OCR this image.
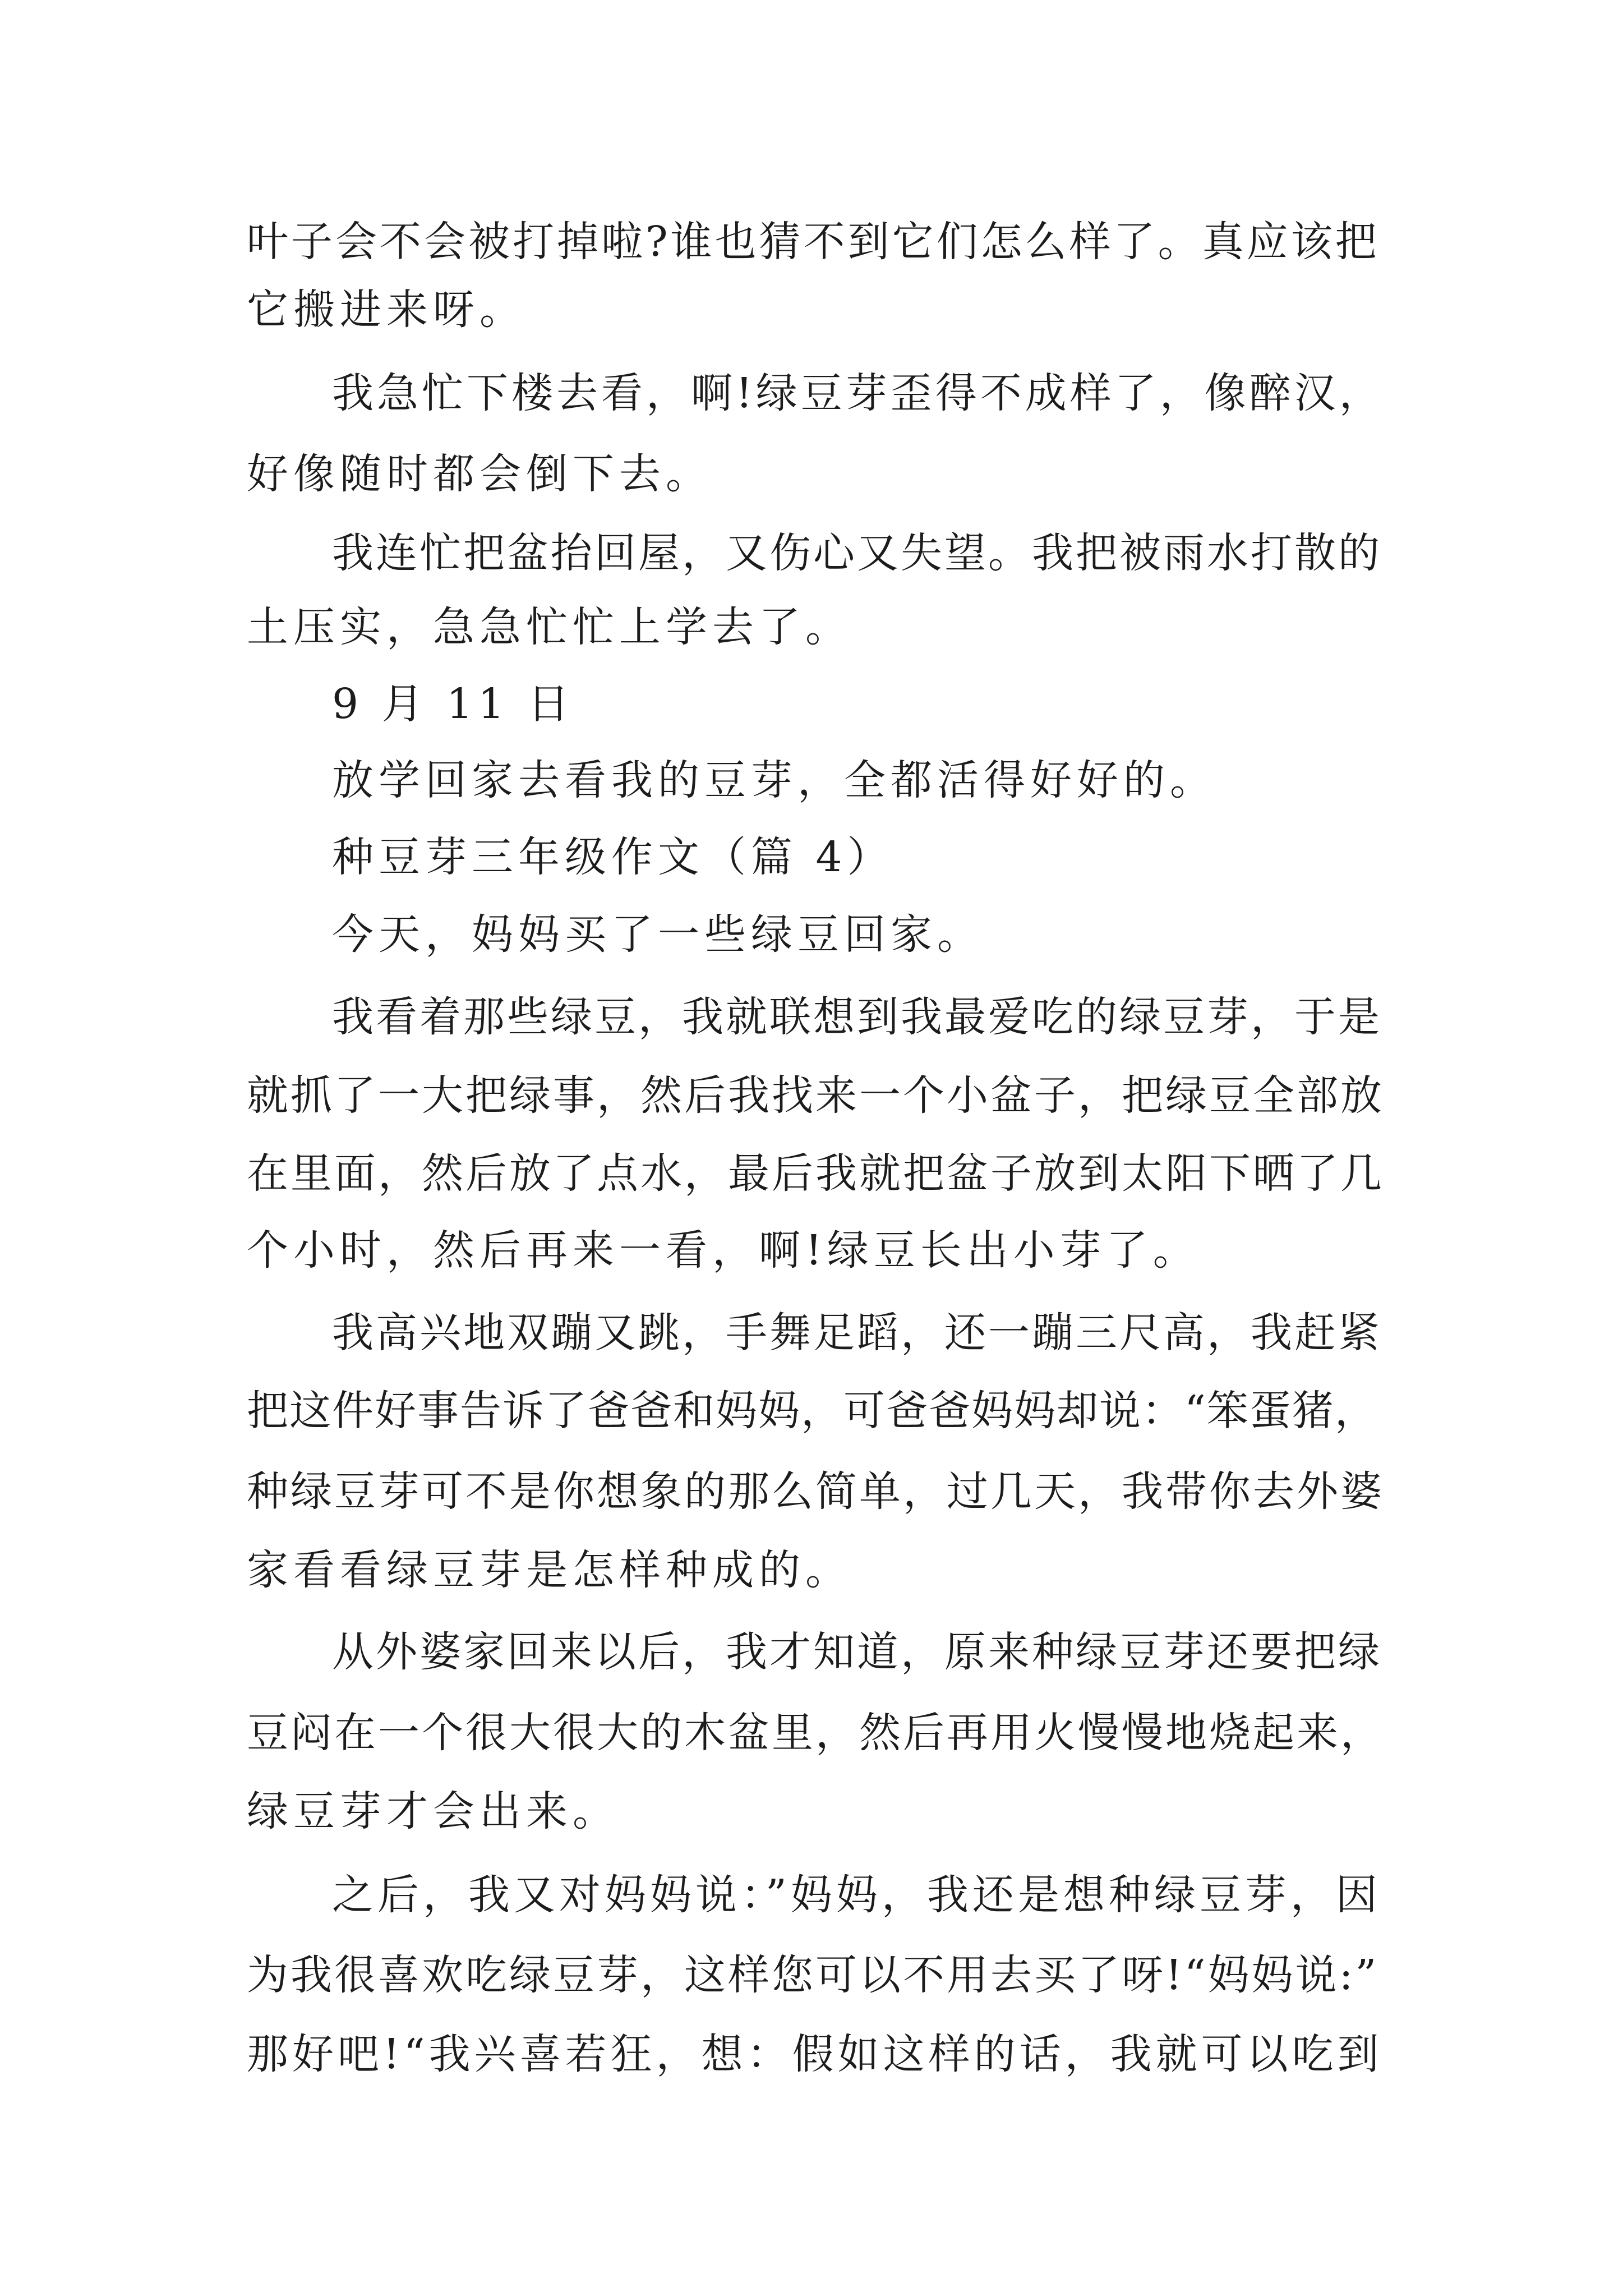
叶子会不会被打掉啦?谁也猜不到它们怎么样了。真应该把

它搬进来呀。

我急忙下楼去看，啊!绿豆芽歪得不成样了，像醉汉，

好像随时都会倒下去。

我连忙把盆抬回屋，又伤心又失望。我把被雨水打散的

土压实，急急忙忙上学去了。

9 月 11 日

放学回家去看我的豆芽，全都活得好好的。

种豆芽三年级作文（篇 4）

今天，妈妈买了一些绿豆回家。

我看着那些绿豆，我就联想到我最爱吃的绿豆芽，于是

就抓了一大把绿事，然后我找来一个小盆子，把绿豆全部放

在里面，然后放了点水，最后我就把盆子放到太阳下晒了几

个小时，然后再来一看，啊!绿豆长出小芽了。

我高兴地双蹦又跳，手舞足蹈，还一蹦三尺高，我赶紧

把这件好事告诉了爸爸和妈妈，可爸爸妈妈却说：“笨蛋猪，

种绿豆芽可不是你想象的那么简单，过几天，我带你去外婆

家看看绿豆芽是怎样种成的。

从外婆家回来以后，我才知道，原来种绿豆芽还要把绿

豆闷在一个很大很大的木盆里，然后再用火慢慢地烧起来，

绿豆芽才会出来。

之后，我又对妈妈说：”妈妈，我还是想种绿豆芽，因

为我很喜欢吃绿豆芽，这样您可以不用去买了呀!“妈妈说:”

那好吧!“我兴喜若狂，想：假如这样的话，我就可以吃到
